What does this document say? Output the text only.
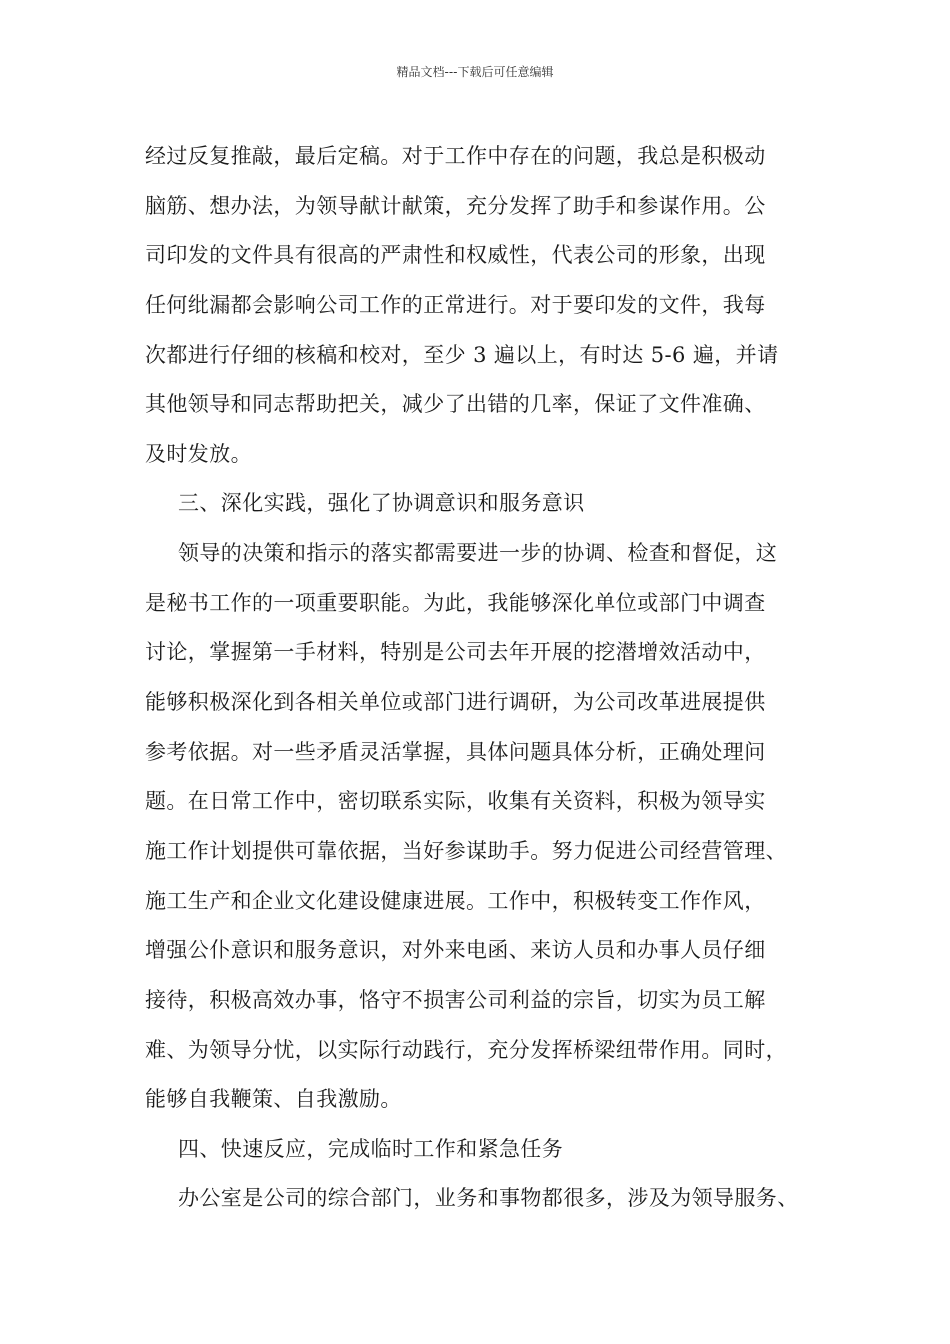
精品文档---下载后可任意编辑
经过反复推敲，最后定稿。对于工作中存在的问题，我总是积极动
脑筋、想办法，为领导献计献策，充分发挥了助手和参谋作用。公
司印发的文件具有很高的严肃性和权威性，代表公司的形象，出现
任何纰漏都会影响公司工作的正常进行。对于要印发的文件，我每
次都进行仔细的核稿和校对，至少 3 遍以上，有时达 5-6 遍，并请
其他领导和同志帮助把关，减少了出错的几率，保证了文件准确、
及时发放。
三、深化实践，强化了协调意识和服务意识
领导的决策和指示的落实都需要进一步的协调、检查和督促，这
是秘书工作的一项重要职能。为此，我能够深化单位或部门中调查
讨论，掌握第一手材料，特别是公司去年开展的挖潜增效活动中，
能够积极深化到各相关单位或部门进行调研，为公司改革进展提供
参考依据。对一些矛盾灵活掌握，具体问题具体分析，正确处理问
题。在日常工作中，密切联系实际，收集有关资料，积极为领导实
施工作计划提供可靠依据，当好参谋助手。努力促进公司经营管理、
施工生产和企业文化建设健康进展。工作中，积极转变工作作风，
增强公仆意识和服务意识，对外来电函、来访人员和办事人员仔细
接待，积极高效办事，恪守不损害公司利益的宗旨，切实为员工解
难、为领导分忧，以实际行动践行，充分发挥桥梁纽带作用。同时，
能够自我鞭策、自我激励。
四、快速反应，完成临时工作和紧急任务
办公室是公司的综合部门，业务和事物都很多，涉及为领导服务、
